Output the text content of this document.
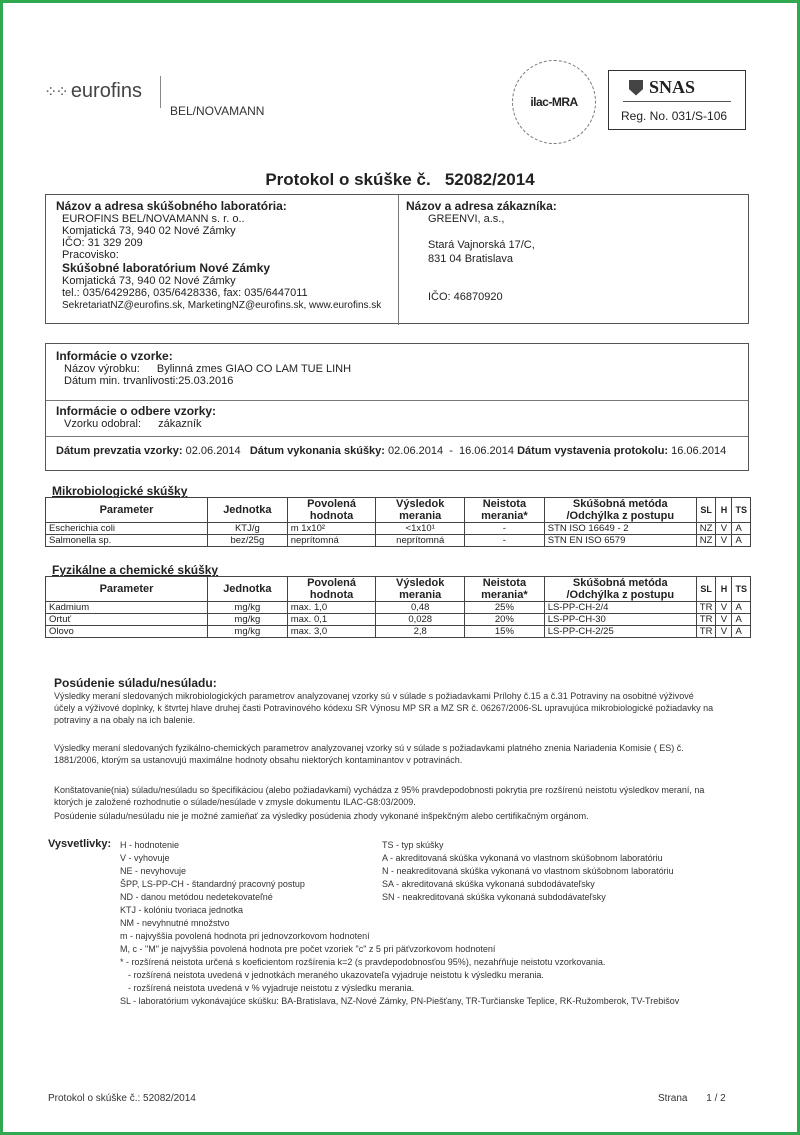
⁘⁘ eurofins
BEL/NOVAMANN
ilac-MRA
SNAS
Reg. No. 031/S-106
Protokol o skúške č.   52082/2014
Názov a adresa skúšobného laboratória:
EUROFINS BEL/NOVAMANN s. r. o..
Komjatická 73, 940 02 Nové Zámky
IČO: 31 329 209
Pracovisko:
Skúšobné laboratórium Nové Zámky
Komjatická 73, 940 02 Nové Zámky
tel.: 035/6429286, 035/6428336, fax: 035/6447011
SekretariatNZ@eurofins.sk, MarketingNZ@eurofins.sk, www.eurofins.sk
Názov a adresa zákazníka:
GREENVI, a.s.,
Stará Vajnorská 17/C,
831 04 Bratislava
IČO: 46870920
Informácie o vzorke:
Názov výrobku: Bylinná zmes GIAO CO LAM TUE LINH
Dátum min. trvanlivosti:25.03.2016
Informácie o odbere vzorky:
Vzorku odobral: zákazník
Dátum prevzatia vzorky: 02.06.2014 Dátum vykonania skúšky: 02.06.2014  -  16.06.2014 Dátum vystavenia protokolu: 16.06.2014
Mikrobiologické skúšky
Parameter	Jednotka	Povolená hodnota	Výsledok merania	Neistota merania*	Skúšobná metóda /Odchýlka z postupu	SL	H	TS
Escherichia coli	KTJ/g	m 1x10²	<1x10¹	-	STN ISO 16649 - 2	NZ	V	A
Salmonella sp.	bez/25g	neprítomná	neprítomná	-	STN EN ISO 6579	NZ	V	A
Fyzikálne a chemické skúšky
Parameter	Jednotka	Povolená hodnota	Výsledok merania	Neistota merania*	Skúšobná metóda /Odchýlka z postupu	SL	H	TS
Kadmium	mg/kg	max. 1,0	0,48	25%	LS-PP-CH-2/4	TR	V	A
Ortuť	mg/kg	max. 0,1	0,028	20%	LS-PP-CH-30	TR	V	A
Olovo	mg/kg	max. 3,0	2,8	15%	LS-PP-CH-2/25	TR	V	A
Posúdenie súladu/nesúladu:
Výsledky meraní sledovaných mikrobiologických parametrov analyzovanej vzorky sú v súlade s požiadavkami Prílohy č.15 a č.31 Potraviny na osobitné výživové účely a výživové doplnky, k štvrtej hlave druhej časti Potravinového kódexu SR Výnosu MP SR a MZ SR č. 06267/2006-SL upravujúca mikrobiologické požiadavky na potraviny a na obaly na ich balenie.
Výsledky meraní sledovaných fyzikálno-chemických parametrov analyzovanej vzorky sú v súlade s požiadavkami platného znenia Nariadenia Komisie ( ES) č. 1881/2006, ktorým sa ustanovujú maximálne hodnoty obsahu niektorých kontaminantov v potravinách.
Konštatovanie(nia) súladu/nesúladu so špecifikáciou (alebo požiadavkami) vychádza z 95% pravdepodobnosti pokrytia pre rozšírenú neistotu výsledkov meraní, na ktorých je založené rozhodnutie o súlade/nesúlade v zmysle dokumentu ILAC-G8:03/2009.
Posúdenie súladu/nesúladu nie je možné zamieňať za výsledky posúdenia zhody vykonané inšpekčným alebo certifikačným orgánom.
Vysvetlivky: H - hodnotenie
V - vyhovuje
NE - nevyhovuje
ŠPP, LS-PP-CH - štandardný pracovný postup
ND - danou metódou nedetekovateľné
KTJ - kolóniu tvoriaca jednotka
NM - nevyhnutné množstvo
TS - typ skúšky
A - akreditovaná skúška vykonaná vo vlastnom skúšobnom laboratóriu
N - neakreditovaná skúška vykonaná vo vlastnom skúšobnom laboratóriu
SA - akreditovaná skúška vykonaná subdodávateľsky
SN - neakreditovaná skúška vykonaná subdodávateľsky
m - najvyššia povolená hodnota pri jednovzorkovom hodnotení
M, c - "M" je najvyššia povolená hodnota pre počet vzoriek "c" z 5 pri päťvzorkovom hodnotení
* - rozšírená neistota určená s koeficientom rozšírenia k=2 (s pravdepodobnosťou 95%), nezahŕňuje neistotu vzorkovania.
- rozšírená neistota uvedená v jednotkách meraného ukazovateľa vyjadruje neistotu k výsledku merania.
- rozšírená neistota uvedená v % vyjadruje neistotu z výsledku merania.
SL - laboratórium vykonávajúce skúšku: BA-Bratislava, NZ-Nové Zámky, PN-Piešťany, TR-Turčianske Teplice, RK-Ružomberok, TV-Trebišov
Protokol o skúške č.: 52082/2014	Strana 1 / 2
